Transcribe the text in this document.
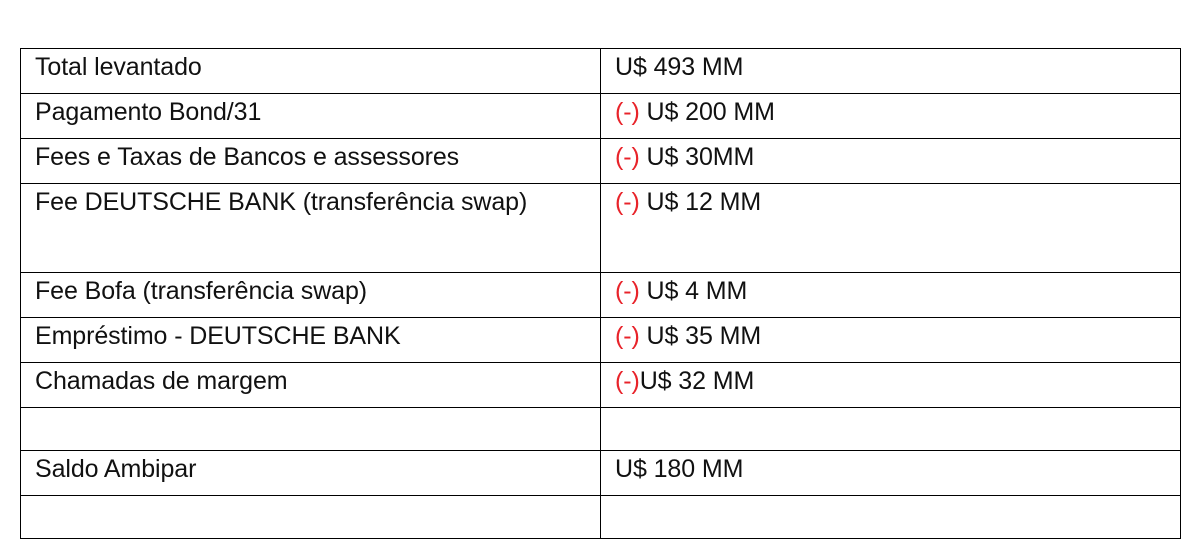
Total levantado	U$ 493 MM
Pagamento Bond/31	(-) U$ 200 MM
Fees e Taxas de Bancos e assessores	(-) U$ 30MM
Fee DEUTSCHE BANK (transferência swap)	(-) U$ 12 MM
Fee Bofa (transferência swap)	(-) U$ 4 MM
Empréstimo - DEUTSCHE BANK	(-) U$ 35 MM
Chamadas de margem	(-)U$ 32 MM

Saldo Ambipar	U$ 180 MM
